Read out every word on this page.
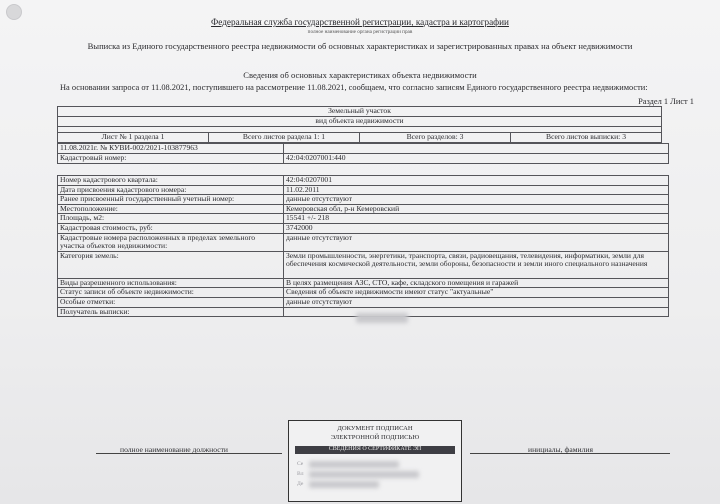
Федеральная служба государственной регистрации, кадастра и картографии
полное наименование органа регистрации прав
Выписка из Единого государственного реестра недвижимости об основных характеристиках и зарегистрированных правах на объект недвижимости
Сведения об основных характеристиках объекта недвижимости
На основании запроса от 11.08.2021, поступившего на рассмотрение 11.08.2021, сообщаем, что согласно записям Единого государственного реестра недвижимости:
Раздел 1 Лист 1
Земельный участок
вид объекта недвижимости

Лист № 1 раздела 1	Всего листов раздела 1: 1	Всего разделов: 3	Всего листов выписки: 3
11.08.2021г. № КУВИ-002/2021-103877963	
Кадастровый номер:	42:04:0207001:440
Номер кадастрового квартала:	42:04:0207001
Дата присвоения кадастрового номера:	11.02.2011
Ранее присвоенный государственный учетный номер:	данные отсутствуют
Местоположение:	Кемеровская обл, р-н Кемеровский
Площадь, м2:	15541 +/- 218
Кадастровая стоимость, руб:	3742000
Кадастровые номера расположенных в пределах земельного участка объектов недвижимости:	данные отсутствуют
Категория земель:	Земли промышленности, энергетики, транспорта, связи, радиовещания, телевидения, информатики, земли для обеспечения космической деятельности, земли обороны, безопасности и земли иного специального назначения
Виды разрешенного использования:	В целях размещения АЗС, СТО, кафе, складского помещения и гаражей
Статус записи об объекте недвижимости:	Сведения об объекте недвижимости имеют статус "актуальные"
Особые отметки:	данные отсутствуют
Получатель выписки:	
полное наименование должности	инициалы, фамилия
ДОКУМЕНТ ПОДПИСАН
ЭЛЕКТРОННОЙ ПОДПИСЬЮ
СВЕДЕНИЯ О СЕРТИФИКАТЕ ЭП
Се
Вл
Де
